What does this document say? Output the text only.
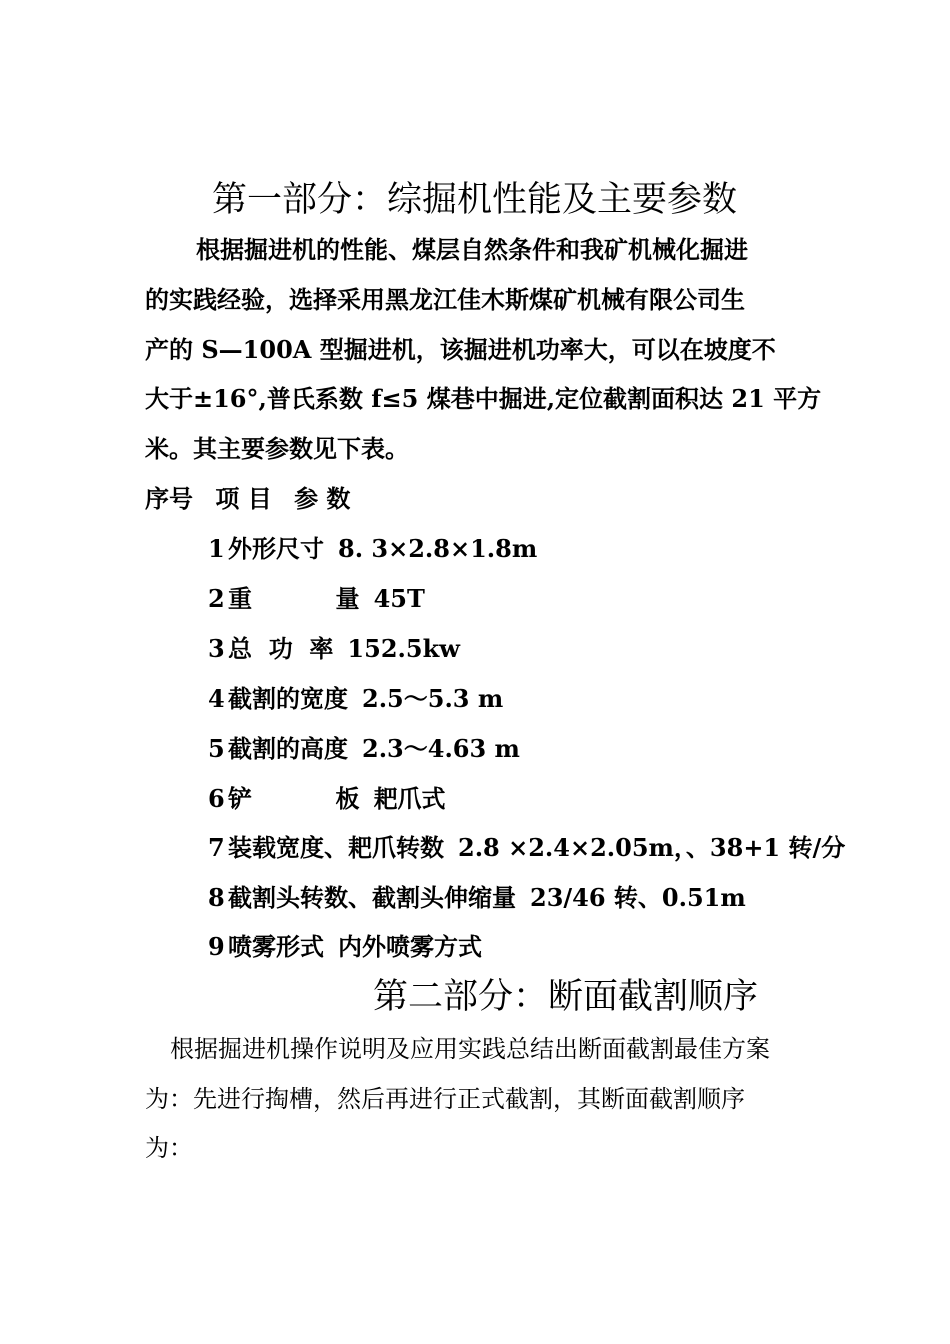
第一部分：综掘机性能及主要参数

根据掘进机的性能、煤层自然条件和我矿机械化掘进

的实践经验，选择采用黑龙江佳木斯煤矿机械有限公司生

产的 S—100A 型掘进机，该掘进机功率大，可以在坡度不

大于±16°,普氏系数 f≤5 煤巷中掘进,定位截割面积达 21 平方

米。其主要参数见下表。

序号 项 目 参 数
1 外形尺寸 8. 3×2.8×1.8m
2 重          量 45T
3 总  功  率 152.5kw
4 截割的宽度 2.5～5.3 m
5 截割的高度 2.3～4.63 m
6 铲          板 耙爪式
7 装载宽度、耙爪转数 2.8 ×2.4×2.05m，、38+1 转/分
8 截割头转数、截割头伸缩量 23/46 转、0.51m
9 喷雾形式 内外喷雾方式
第二部分：断面截割顺序

根据掘进机操作说明及应用实践总结出断面截割最佳方案

为：先进行掏槽，然后再进行正式截割，其断面截割顺序

为：
